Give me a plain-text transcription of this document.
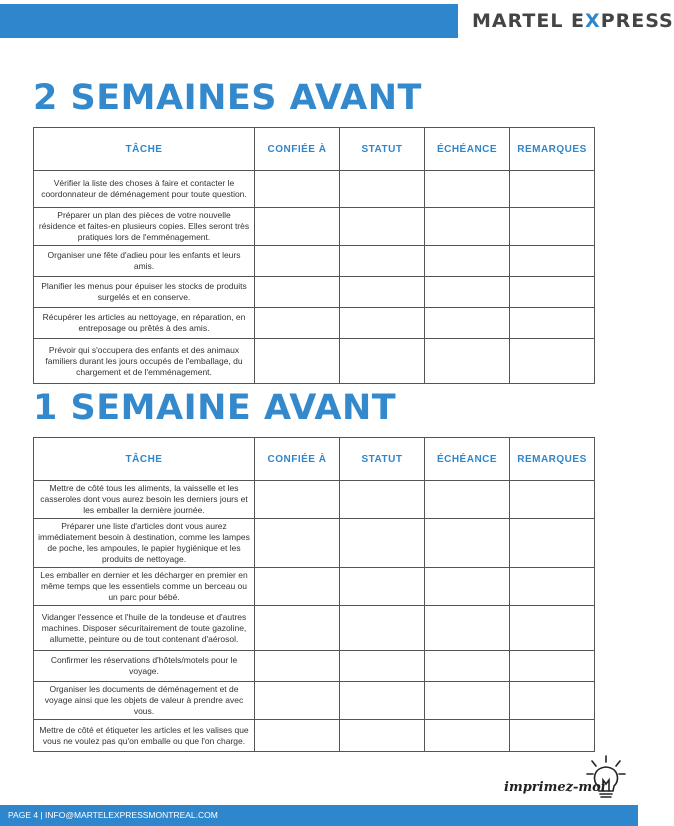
MARTEL EXPRESS
2 SEMAINES AVANT
TÂCHE	CONFIÉE À	STATUT	ÉCHÉANCE	REMARQUES
Vérifier la liste des choses à faire et contacter le coordonnateur de déménagement pour toute question.				
Préparer un plan des pièces de votre nouvelle résidence et faites-en plusieurs copies. Elles seront très pratiques lors de l'emménagement.				
Organiser une fête d'adieu pour les enfants et leurs amis.				
Planifier les menus pour épuiser les stocks de produits surgelés et en conserve.				
Récupérer les articles au nettoyage, en réparation, en entreposage ou prêtés à des amis.				
Prévoir qui s'occupera des enfants et des animaux familiers durant les jours occupés de l'emballage, du chargement et de l'emménagement.				
1 SEMAINE AVANT
TÂCHE	CONFIÉE À	STATUT	ÉCHÉANCE	REMARQUES
Mettre de côté tous les aliments, la vaisselle et les casseroles dont vous aurez besoin les derniers jours et les emballer la dernière journée.				
Préparer une liste d'articles dont vous aurez immédiatement besoin à destination, comme les lampes de poche, les ampoules, le papier hygiénique et les produits de nettoyage.				
Les emballer en dernier et les décharger en premier en même temps que les essentiels comme un berceau ou un parc pour bébé.				
Vidanger l'essence et l'huile de la tondeuse et d'autres machines. Disposer sécuritairement de toute gazoline, allumette, peinture ou de tout contenant d'aérosol.				
Confirmer les réservations d'hôtels/motels pour le voyage.				
Organiser les documents de déménagement et de voyage ainsi que les objets de valeur à prendre avec vous.				
Mettre de côté et étiqueter les articles et les valises que vous ne voulez pas qu'on emballe ou que l'on charge.				
imprimez-moi
PAGE 4 | INFO@MARTELEXPRESSMONTREAL.COM
